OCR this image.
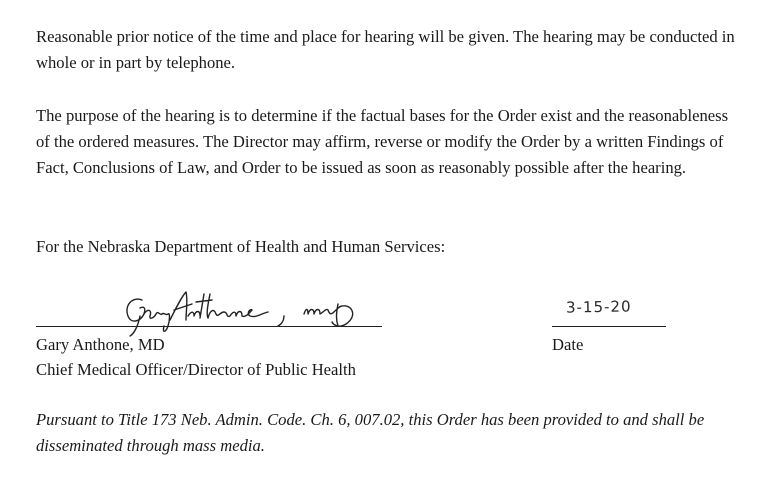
Reasonable prior notice of the time and place for hearing will be given. The hearing may be conducted in whole or in part by telephone.

The purpose of the hearing is to determine if the factual bases for the Order exist and the reasonableness of the ordered measures. The Director may affirm, reverse or modify the Order by a written Findings of Fact, Conclusions of Law, and Order to be issued as soon as reasonably possible after the hearing.

For the Nebraska Department of Health and Human Services:

3-15-20
Gary Anthone, MD
Chief Medical Officer/Director of Public Health
Date

Pursuant to Title 173 Neb. Admin. Code. Ch. 6, 007.02, this Order has been provided to and shall be disseminated through mass media.
